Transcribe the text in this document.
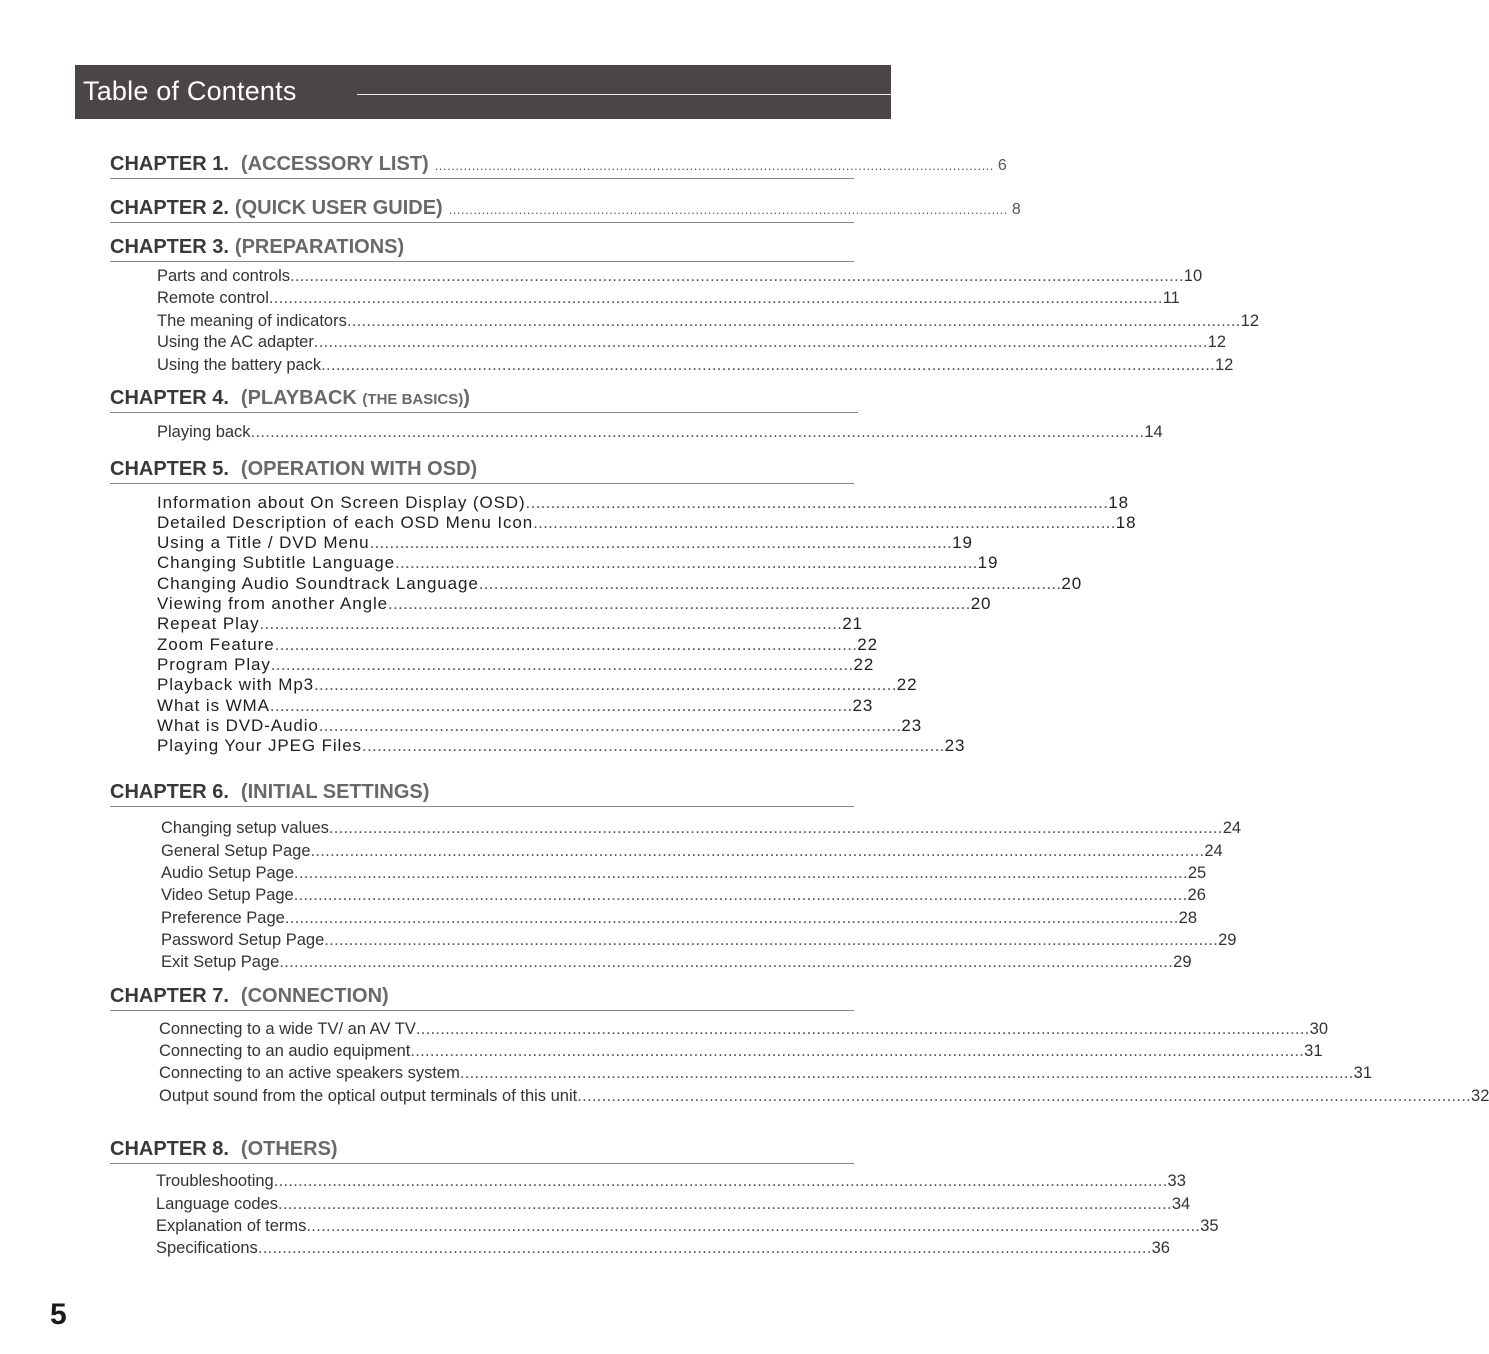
Table of Contents
CHAPTER 1. (ACCESSORY LIST) ........................................................................................................................................ 6
CHAPTER 2. (QUICK USER GUIDE) ........................................................................................................................................ 8
CHAPTER 3. (PREPARATIONS)
Parts and controls ....................................................................................................................................................................................... 10
Remote control ....................................................................................................................................................................................... 11
The meaning of indicators ....................................................................................................................................................................................... 12
Using the AC adapter ....................................................................................................................................................................................... 12
Using the battery pack ....................................................................................................................................................................................... 12
CHAPTER 4. (PLAYBACK (THE BASICS))
Playing back ....................................................................................................................................................................................... 14
CHAPTER 5. (OPERATION WITH OSD)
Information about On Screen Display (OSD) .................................................................................................................... 18
Detailed Description of each OSD Menu Icon .................................................................................................................... 18
Using a Title / DVD Menu .................................................................................................................... 19
Changing Subtitle Language .................................................................................................................... 19
Changing Audio Soundtrack Language .................................................................................................................... 20
Viewing from another Angle .................................................................................................................... 20
Repeat Play .................................................................................................................... 21
Zoom Feature .................................................................................................................... 22
Program Play .................................................................................................................... 22
Playback with Mp3 .................................................................................................................... 22
What is WMA .................................................................................................................... 23
What is DVD-Audio .................................................................................................................... 23
Playing Your JPEG Files .................................................................................................................... 23
CHAPTER 6. (INITIAL SETTINGS)
Changing setup values ....................................................................................................................................................................................... 24
General Setup Page ....................................................................................................................................................................................... 24
Audio Setup Page ....................................................................................................................................................................................... 25
Video Setup Page ....................................................................................................................................................................................... 26
Preference Page ....................................................................................................................................................................................... 28
Password Setup Page ....................................................................................................................................................................................... 29
Exit Setup Page ....................................................................................................................................................................................... 29
CHAPTER 7. (CONNECTION)
Connecting to a wide TV/ an AV TV ....................................................................................................................................................................................... 30
Connecting to an audio equipment ....................................................................................................................................................................................... 31
Connecting to an active speakers system ....................................................................................................................................................................................... 31
Output sound from the optical output terminals of this unit ....................................................................................................................................................................................... 32
CHAPTER 8. (OTHERS)
Troubleshooting ....................................................................................................................................................................................... 33
Language codes ....................................................................................................................................................................................... 34
Explanation of terms ....................................................................................................................................................................................... 35
Specifications ....................................................................................................................................................................................... 36
5
